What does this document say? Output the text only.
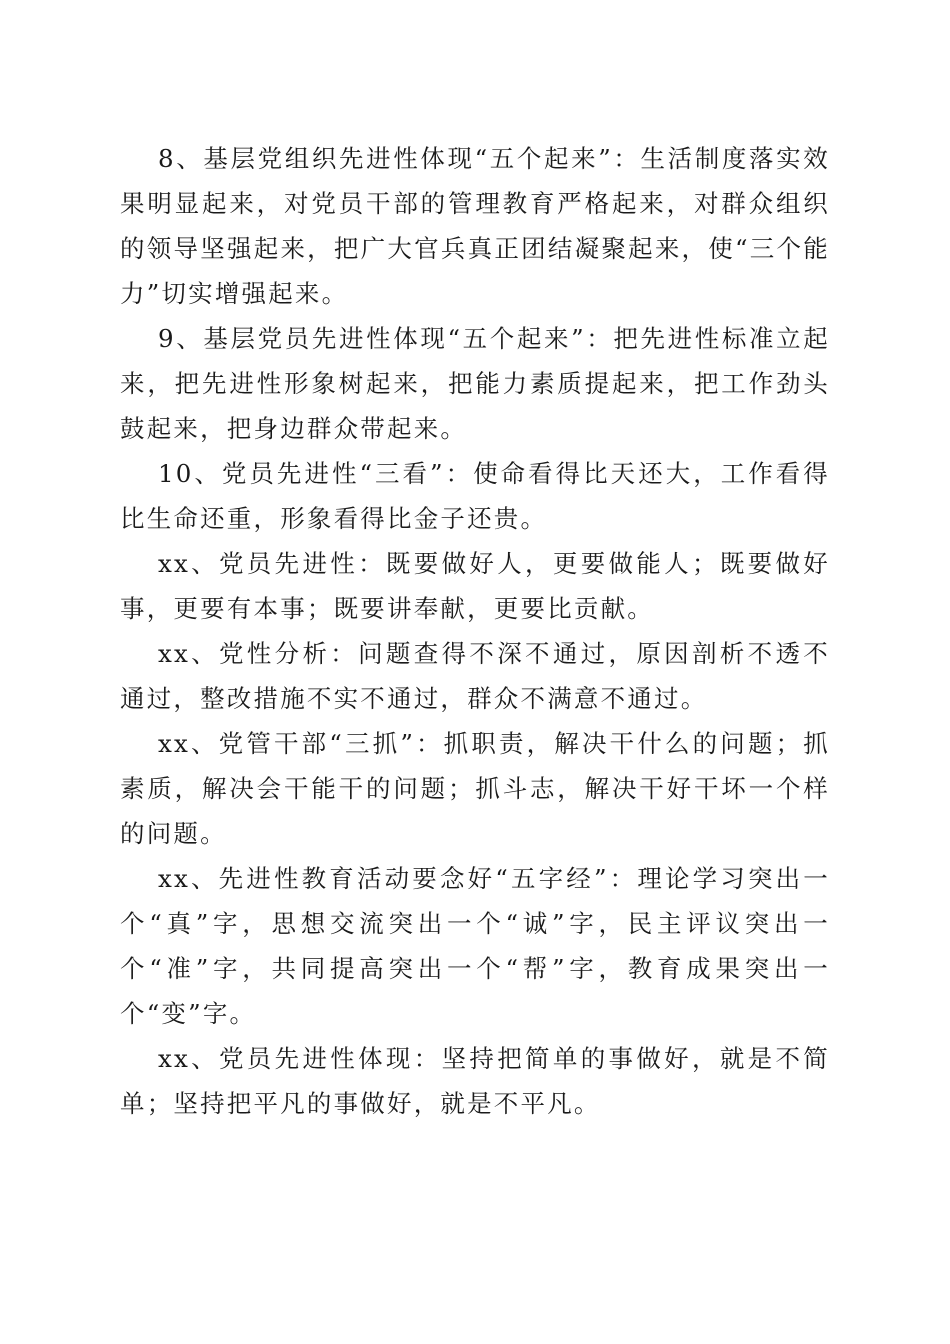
8、基层党组织先进性体现“五个起来”：生活制度落实效果明显起来，对党员干部的管理教育严格起来，对群众组织的领导坚强起来，把广大官兵真正团结凝聚起来，使“三个能力”切实增强起来。

9、基层党员先进性体现“五个起来”：把先进性标准立起来，把先进性形象树起来，把能力素质提起来，把工作劲头鼓起来，把身边群众带起来。

10、党员先进性“三看”：使命看得比天还大，工作看得比生命还重，形象看得比金子还贵。

xx、党员先进性：既要做好人，更要做能人；既要做好事，更要有本事；既要讲奉献，更要比贡献。

xx、党性分析：问题查得不深不通过，原因剖析不透不通过，整改措施不实不通过，群众不满意不通过。

xx、党管干部“三抓”：抓职责，解决干什么的问题；抓素质，解决会干能干的问题；抓斗志，解决干好干坏一个样的问题。

xx、先进性教育活动要念好“五字经”：理论学习突出一个“真”字，思想交流突出一个“诚”字，民主评议突出一个“准”字，共同提高突出一个“帮”字，教育成果突出一个“变”字。

xx、党员先进性体现：坚持把简单的事做好，就是不简单；坚持把平凡的事做好，就是不平凡。
